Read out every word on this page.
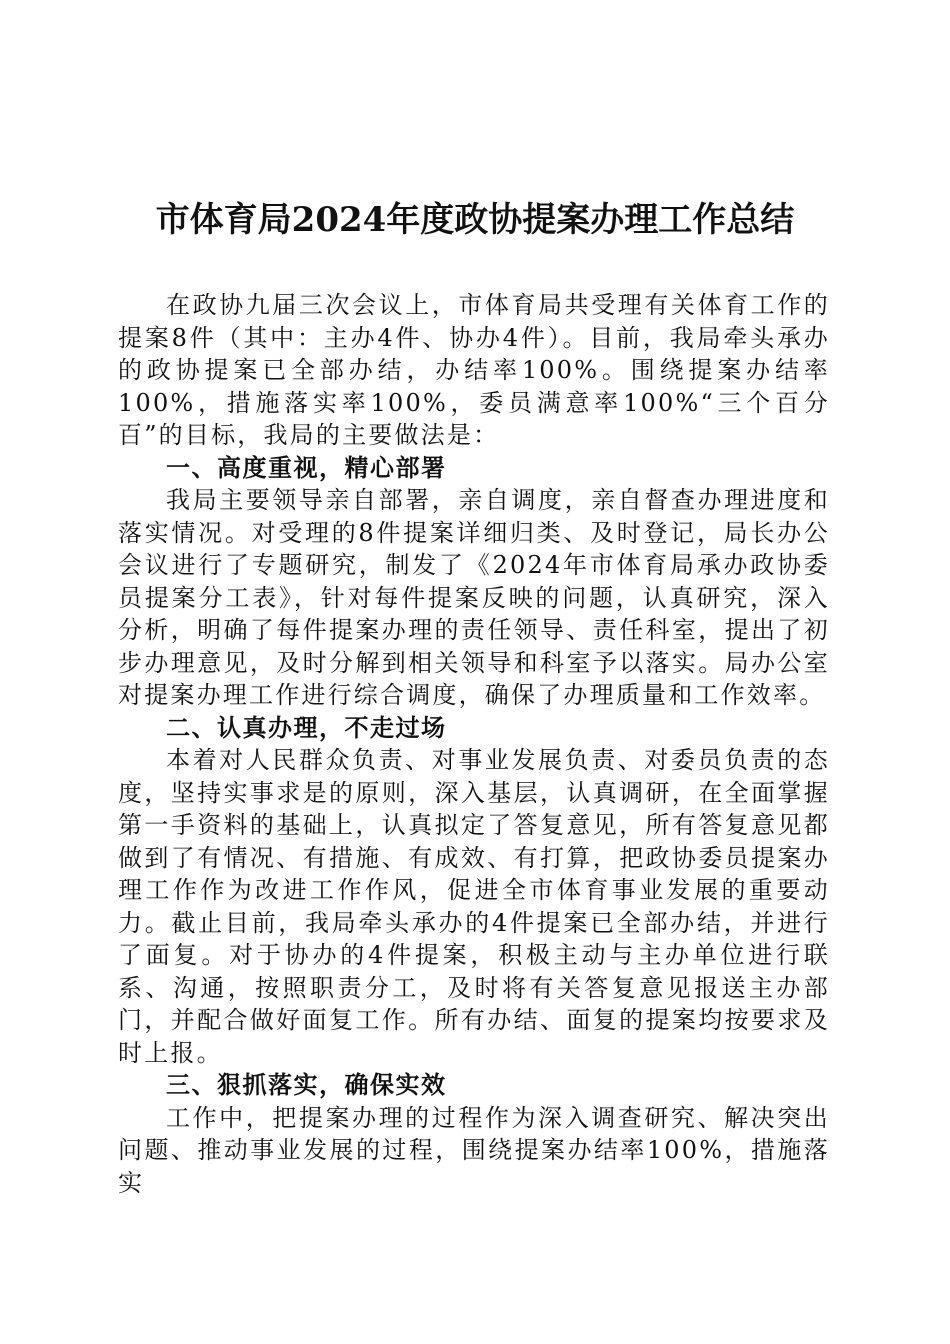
市体育局2024年度政协提案办理工作总结

在政协九届三次会议上，市体育局共受理有关体育工作的提案8件（其中：主办4件、协办4件）。目前，我局牵头承办的政协提案已全部办结，办结率100%。围绕提案办结率100%，措施落实率100%，委员满意率100%“三个百分百”的目标，我局的主要做法是：

一、高度重视，精心部署

我局主要领导亲自部署，亲自调度，亲自督查办理进度和落实情况。对受理的8件提案详细归类、及时登记，局长办公会议进行了专题研究，制发了《2024年市体育局承办政协委员提案分工表》，针对每件提案反映的问题，认真研究，深入分析，明确了每件提案办理的责任领导、责任科室，提出了初步办理意见，及时分解到相关领导和科室予以落实。局办公室对提案办理工作进行综合调度，确保了办理质量和工作效率。

二、认真办理，不走过场

本着对人民群众负责、对事业发展负责、对委员负责的态度，坚持实事求是的原则，深入基层，认真调研，在全面掌握第一手资料的基础上，认真拟定了答复意见，所有答复意见都做到了有情况、有措施、有成效、有打算，把政协委员提案办理工作作为改进工作作风，促进全市体育事业发展的重要动力。截止目前，我局牵头承办的4件提案已全部办结，并进行了面复。对于协办的4件提案，积极主动与主办单位进行联系、沟通，按照职责分工，及时将有关答复意见报送主办部门，并配合做好面复工作。所有办结、面复的提案均按要求及时上报。

三、狠抓落实，确保实效

工作中，把提案办理的过程作为深入调查研究、解决突出问题、推动事业发展的过程，围绕提案办结率100%，措施落实
